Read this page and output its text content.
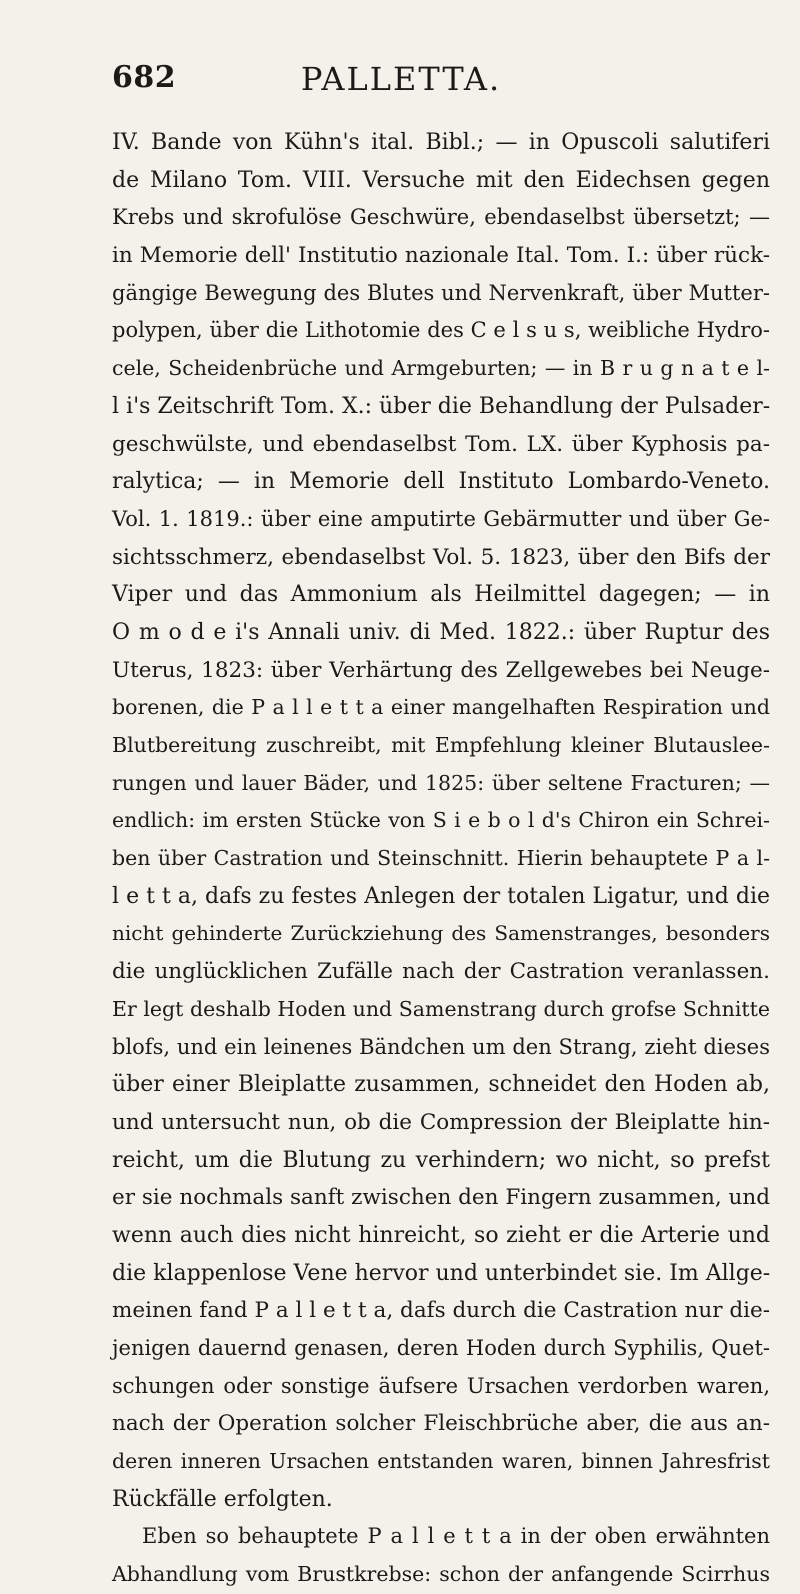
682	PALLETTA.
IV. Bande von Kühn's ital. Bibl.; — in Opuscoli salutiferi
de Milano Tom. VIII. Versuche mit den Eidechsen gegen
Krebs und skrofulöse Geschwüre, ebendaselbst übersetzt; —
in Memorie dell' Institutio nazionale Ital. Tom. I.: über rück-
gängige Bewegung des Blutes und Nervenkraft, über Mutter-
polypen, über die Lithotomie des C e l s u s, weibliche Hydro-
cele, Scheidenbrüche und Armgeburten; — in B r u g n a t e l-
l i's Zeitschrift Tom. X.: über die Behandlung der Pulsader-
geschwülste, und ebendaselbst Tom. LX. über Kyphosis pa-
ralytica; — in Memorie dell Instituto Lombardo-Veneto.
Vol. 1. 1819.: über eine amputirte Gebärmutter und über Ge-
sichtsschmerz, ebendaselbst Vol. 5. 1823, über den Bifs der
Viper und das Ammonium als Heilmittel dagegen; — in
O m o d e i's Annali univ. di Med. 1822.: über Ruptur des
Uterus, 1823: über Verhärtung des Zellgewebes bei Neuge-
borenen, die P a l l e t t a einer mangelhaften Respiration und
Blutbereitung zuschreibt, mit Empfehlung kleiner Blutauslee-
rungen und lauer Bäder, und 1825: über seltene Fracturen; —
endlich: im ersten Stücke von S i e b o l d's Chiron ein Schrei-
ben über Castration und Steinschnitt. Hierin behauptete P a l-
l e t t a, dafs zu festes Anlegen der totalen Ligatur, und die
nicht gehinderte Zurückziehung des Samenstranges, besonders
die unglücklichen Zufälle nach der Castration veranlassen.
Er legt deshalb Hoden und Samenstrang durch grofse Schnitte
blofs, und ein leinenes Bändchen um den Strang, zieht dieses
über einer Bleiplatte zusammen, schneidet den Hoden ab,
und untersucht nun, ob die Compression der Bleiplatte hin-
reicht, um die Blutung zu verhindern; wo nicht, so prefst
er sie nochmals sanft zwischen den Fingern zusammen, und
wenn auch dies nicht hinreicht, so zieht er die Arterie und
die klappenlose Vene hervor und unterbindet sie. Im Allge-
meinen fand P a l l e t t a, dafs durch die Castration nur die-
jenigen dauernd genasen, deren Hoden durch Syphilis, Quet-
schungen oder sonstige äufsere Ursachen verdorben waren,
nach der Operation solcher Fleischbrüche aber, die aus an-
deren inneren Ursachen entstanden waren, binnen Jahresfrist
Rückfälle erfolgten.
Eben so behauptete P a l l e t t a in der oben erwähnten
Abhandlung vom Brustkrebse: schon der anfangende Scirrhus
